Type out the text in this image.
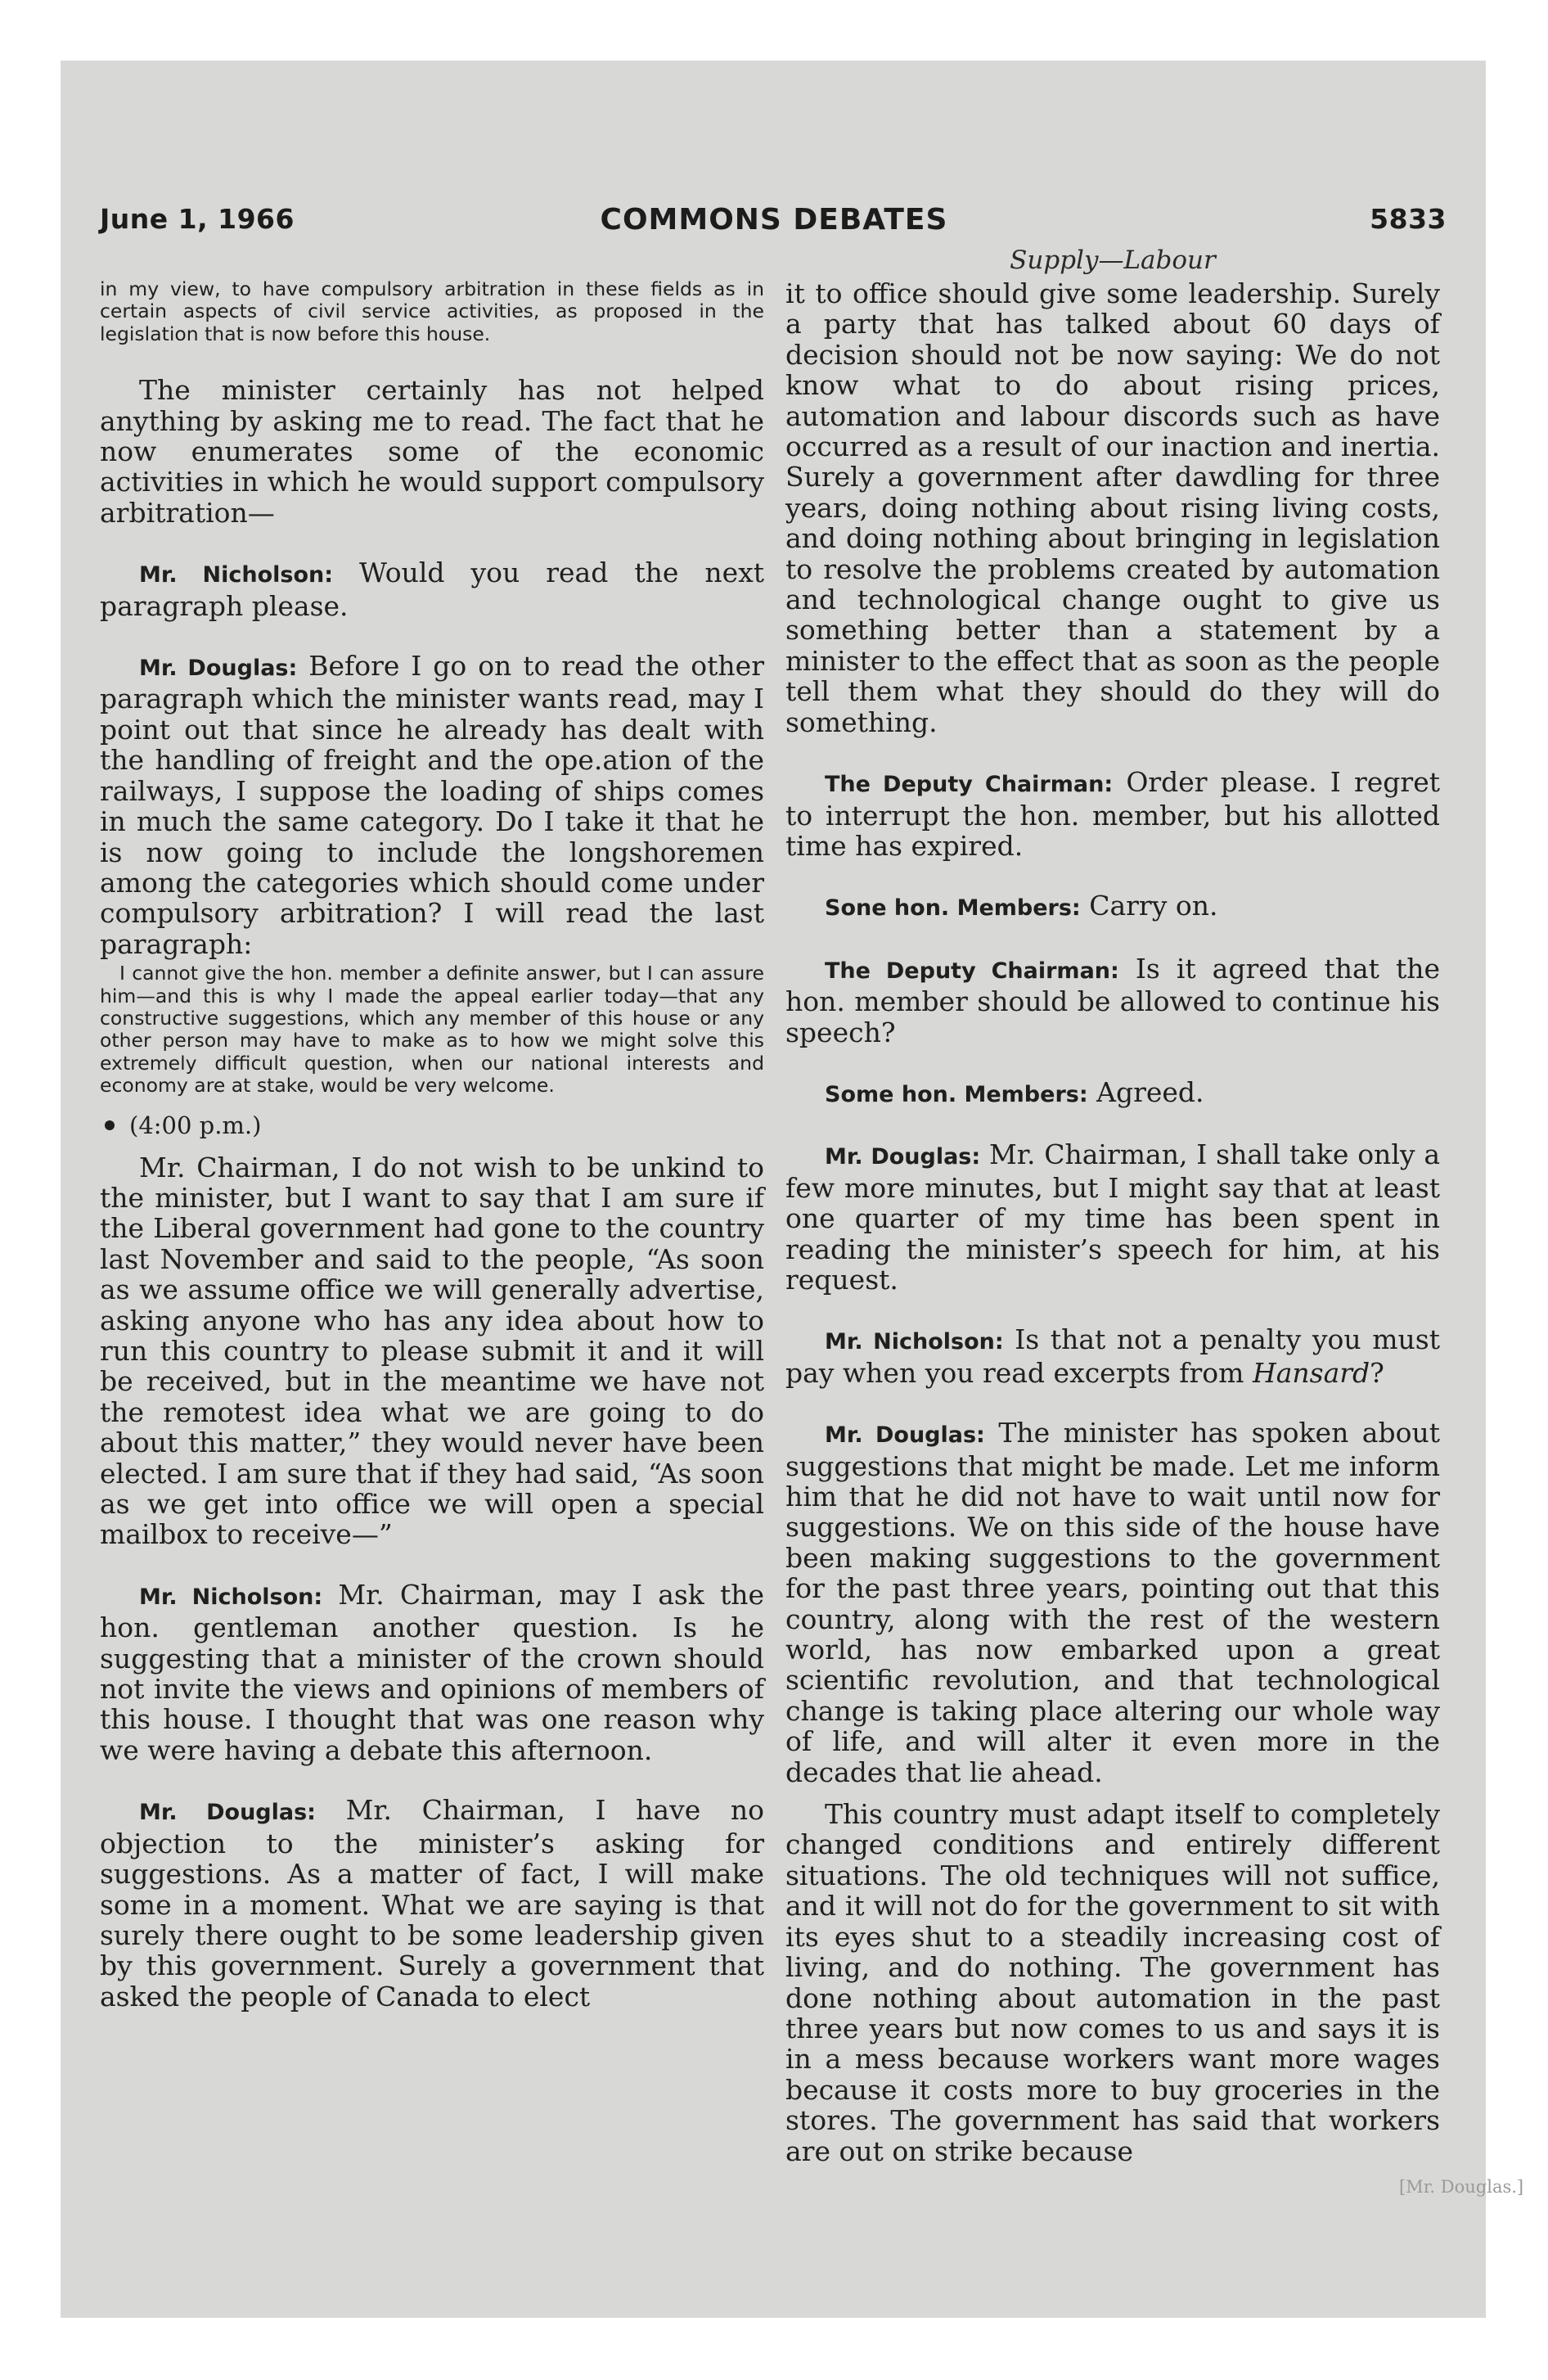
June 1, 1966	COMMONS DEBATES	5833
Supply—Labour

in my view, to have compulsory arbitration in these fields as in certain aspects of civil service activities, as proposed in the legislation that is now before this house.

The minister certainly has not helped anything by asking me to read. The fact that he now enumerates some of the economic activities in which he would support compulsory arbitration—

Mr. Nicholson: Would you read the next paragraph please.

Mr. Douglas: Before I go on to read the other paragraph which the minister wants read, may I point out that since he already has dealt with the handling of freight and the ope.ation of the railways, I suppose the loading of ships comes in much the same category. Do I take it that he is now going to include the longshoremen among the categories which should come under compulsory arbitration? I will read the last paragraph:

I cannot give the hon. member a definite answer, but I can assure him—and this is why I made the appeal earlier today—that any constructive suggestions, which any member of this house or any other person may have to make as to how we might solve this extremely difficult question, when our national interests and economy are at stake, would be very welcome.

(4:00 p.m.)

Mr. Chairman, I do not wish to be unkind to the minister, but I want to say that I am sure if the Liberal government had gone to the country last November and said to the people, “As soon as we assume office we will generally advertise, asking anyone who has any idea about how to run this country to please submit it and it will be received, but in the meantime we have not the remotest idea what we are going to do about this matter,” they would never have been elected. I am sure that if they had said, “As soon as we get into office we will open a special mailbox to receive—”

Mr. Nicholson: Mr. Chairman, may I ask the hon. gentleman another question. Is he suggesting that a minister of the crown should not invite the views and opinions of members of this house. I thought that was one reason why we were having a debate this afternoon.

Mr. Douglas: Mr. Chairman, I have no objection to the minister’s asking for suggestions. As a matter of fact, I will make some in a moment. What we are saying is that surely there ought to be some leadership given by this government. Surely a government that asked the people of Canada to elect

it to office should give some leadership. Surely a party that has talked about 60 days of decision should not be now saying: We do not know what to do about rising prices, automation and labour discords such as have occurred as a result of our inaction and inertia. Surely a government after dawdling for three years, doing nothing about rising living costs, and doing nothing about bringing in legislation to resolve the problems created by automation and technological change ought to give us something better than a statement by a minister to the effect that as soon as the people tell them what they should do they will do something.

The Deputy Chairman: Order please. I regret to interrupt the hon. member, but his allotted time has expired.

Sone hon. Members: Carry on.

The Deputy Chairman: Is it agreed that the hon. member should be allowed to continue his speech?

Some hon. Members: Agreed.

Mr. Douglas: Mr. Chairman, I shall take only a few more minutes, but I might say that at least one quarter of my time has been spent in reading the minister’s speech for him, at his request.

Mr. Nicholson: Is that not a penalty you must pay when you read excerpts from Hansard?

Mr. Douglas: The minister has spoken about suggestions that might be made. Let me inform him that he did not have to wait until now for suggestions. We on this side of the house have been making suggestions to the government for the past three years, pointing out that this country, along with the rest of the western world, has now embarked upon a great scientific revolution, and that technological change is taking place altering our whole way of life, and will alter it even more in the decades that lie ahead.

This country must adapt itself to completely changed conditions and entirely different situations. The old techniques will not suffice, and it will not do for the government to sit with its eyes shut to a steadily increasing cost of living, and do nothing. The government has done nothing about automation in the past three years but now comes to us and says it is in a mess because workers want more wages because it costs more to buy groceries in the stores. The government has said that workers are out on strike because

[Mr. Douglas.]
